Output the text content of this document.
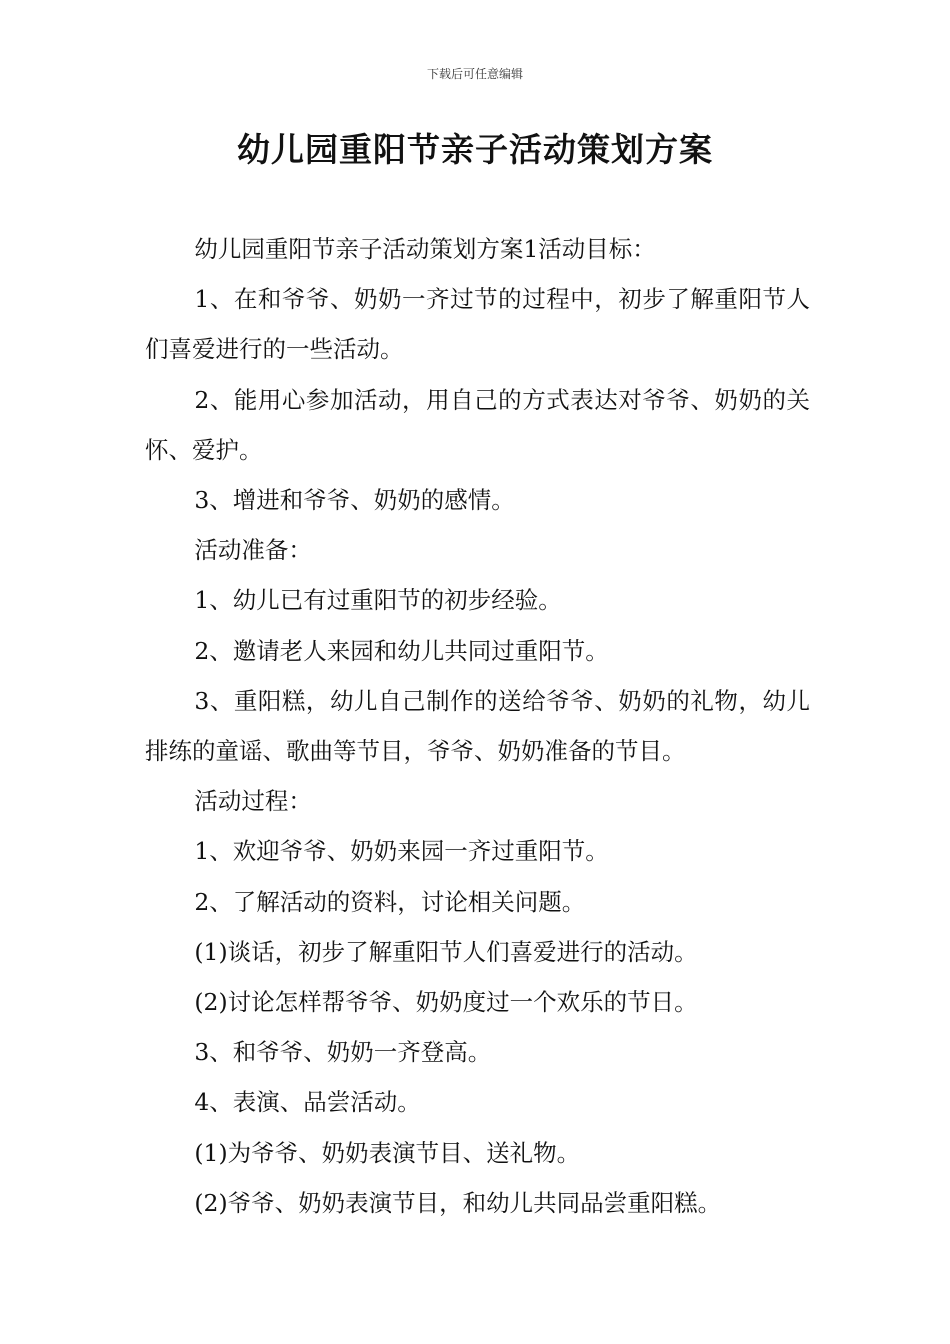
下载后可任意编辑
幼儿园重阳节亲子活动策划方案

幼儿园重阳节亲子活动策划方案1活动目标：

1、在和爷爷、奶奶一齐过节的过程中，初步了解重阳节人们喜爱进行的一些活动。

2、能用心参加活动，用自己的方式表达对爷爷、奶奶的关怀、爱护。

3、增进和爷爷、奶奶的感情。

活动准备：

1、幼儿已有过重阳节的初步经验。

2、邀请老人来园和幼儿共同过重阳节。

3、重阳糕，幼儿自己制作的送给爷爷、奶奶的礼物，幼儿排练的童谣、歌曲等节目，爷爷、奶奶准备的节目。

活动过程：

1、欢迎爷爷、奶奶来园一齐过重阳节。

2、了解活动的资料，讨论相关问题。

(1)谈话，初步了解重阳节人们喜爱进行的活动。

(2)讨论怎样帮爷爷、奶奶度过一个欢乐的节日。

3、和爷爷、奶奶一齐登高。

4、表演、品尝活动。

(1)为爷爷、奶奶表演节目、送礼物。

(2)爷爷、奶奶表演节目，和幼儿共同品尝重阳糕。
